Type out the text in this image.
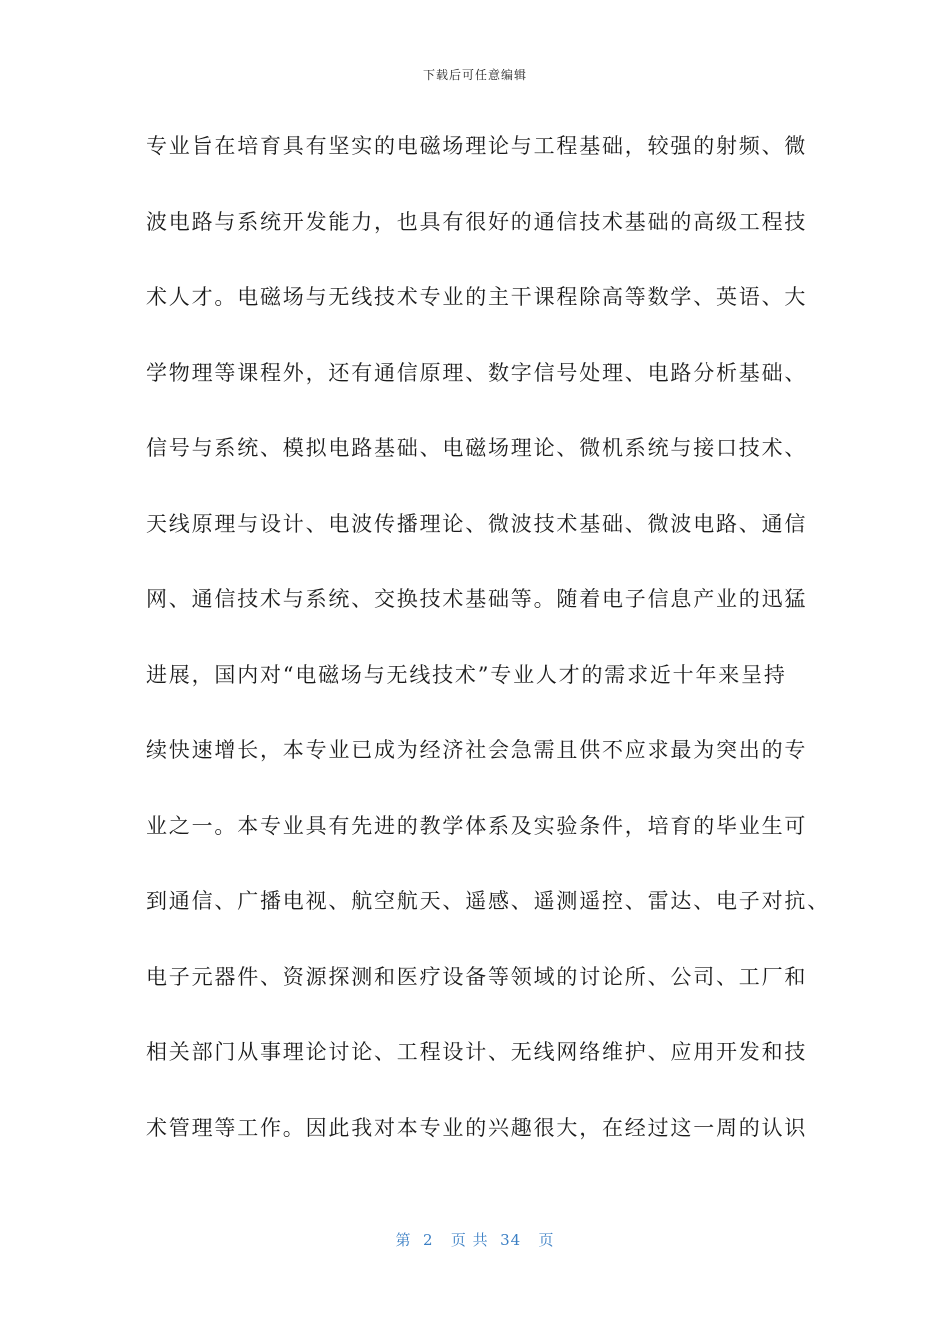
下载后可任意编辑
专业旨在培育具有坚实的电磁场理论与工程基础，较强的射频、微
波电路与系统开发能力，也具有很好的通信技术基础的高级工程技
术人才。电磁场与无线技术专业的主干课程除高等数学、英语、大
学物理等课程外，还有通信原理、数字信号处理、电路分析基础、
信号与系统、模拟电路基础、电磁场理论、微机系统与接口技术、
天线原理与设计、电波传播理论、微波技术基础、微波电路、通信
网、通信技术与系统、交换技术基础等。随着电子信息产业的迅猛
进展，国内对“电磁场与无线技术”专业人才的需求近十年来呈持
续快速增长，本专业已成为经济社会急需且供不应求最为突出的专
业之一。本专业具有先进的教学体系及实验条件，培育的毕业生可
到通信、广播电视、航空航天、遥感、遥测遥控、雷达、电子对抗、
电子元器件、资源探测和医疗设备等领域的讨论所、公司、工厂和
相关部门从事理论讨论、工程设计、无线网络维护、应用开发和技
术管理等工作。因此我对本专业的兴趣很大，在经过这一周的认识
第  2   页 共  34   页
